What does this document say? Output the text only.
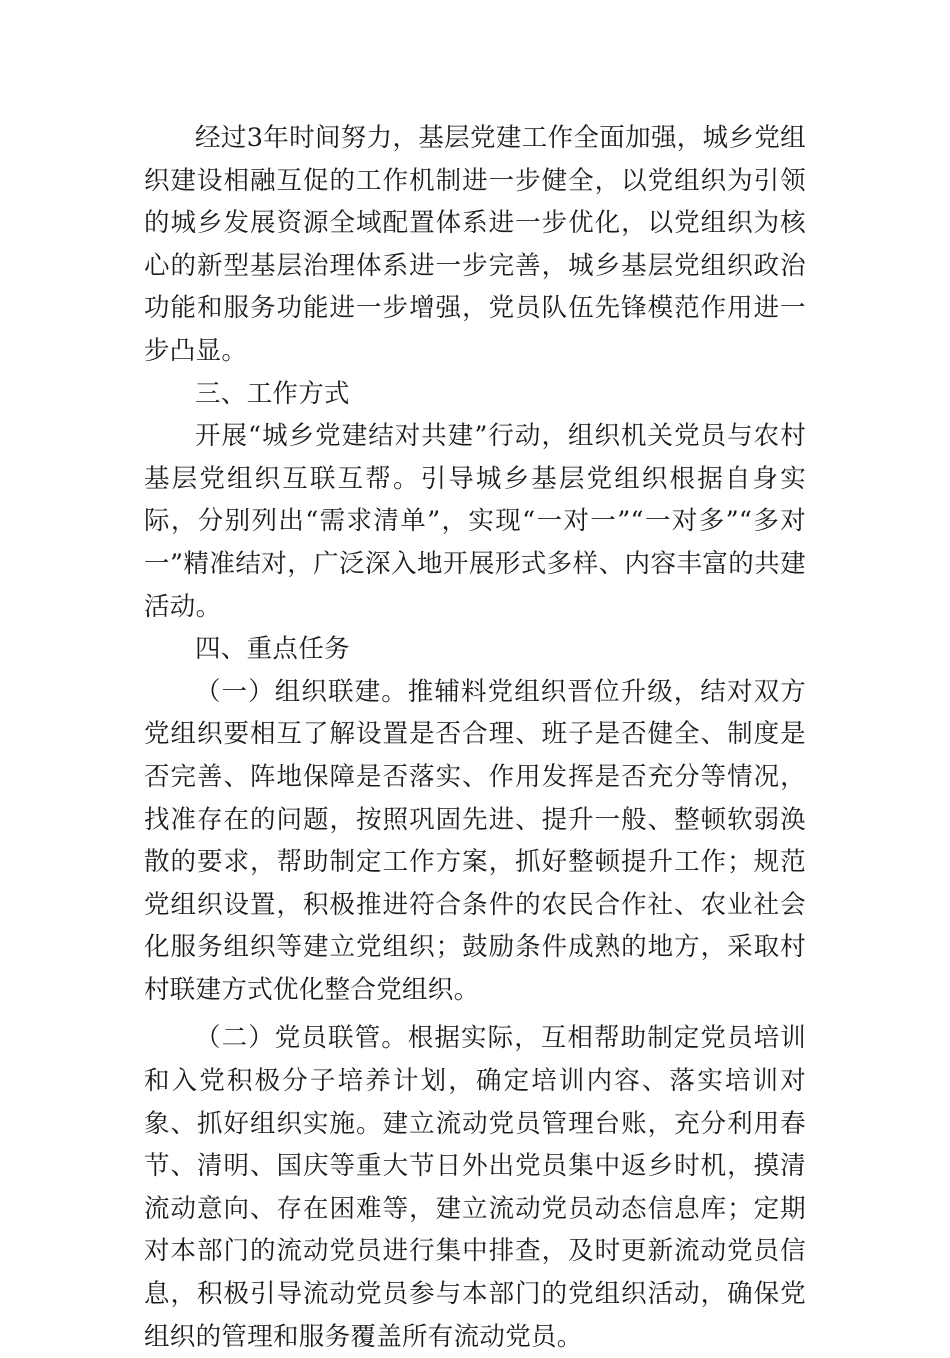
经过3年时间努力，基层党建工作全面加强，城乡党组织建设相融互促的工作机制进一步健全，以党组织为引领的城乡发展资源全域配置体系进一步优化，以党组织为核心的新型基层治理体系进一步完善，城乡基层党组织政治功能和服务功能进一步增强，党员队伍先锋模范作用进一步凸显。

三、工作方式

开展“城乡党建结对共建”行动，组织机关党员与农村基层党组织互联互帮。引导城乡基层党组织根据自身实际，分别列出“需求清单”，实现“一对一”“一对多”“多对一”精准结对，广泛深入地开展形式多样、内容丰富的共建活动。

四、重点任务

（一）组织联建。推辅料党组织晋位升级，结对双方党组织要相互了解设置是否合理、班子是否健全、制度是否完善、阵地保障是否落实、作用发挥是否充分等情况，找准存在的问题，按照巩固先进、提升一般、整顿软弱涣散的要求，帮助制定工作方案，抓好整顿提升工作；规范党组织设置，积极推进符合条件的农民合作社、农业社会化服务组织等建立党组织；鼓励条件成熟的地方，采取村村联建方式优化整合党组织。

（二）党员联管。根据实际，互相帮助制定党员培训和入党积极分子培养计划，确定培训内容、落实培训对象、抓好组织实施。建立流动党员管理台账，充分利用春节、清明、国庆等重大节日外出党员集中返乡时机，摸清流动意向、存在困难等，建立流动党员动态信息库；定期对本部门的流动党员进行集中排查，及时更新流动党员信息，积极引导流动党员参与本部门的党组织活动，确保党组织的管理和服务覆盖所有流动党员。
